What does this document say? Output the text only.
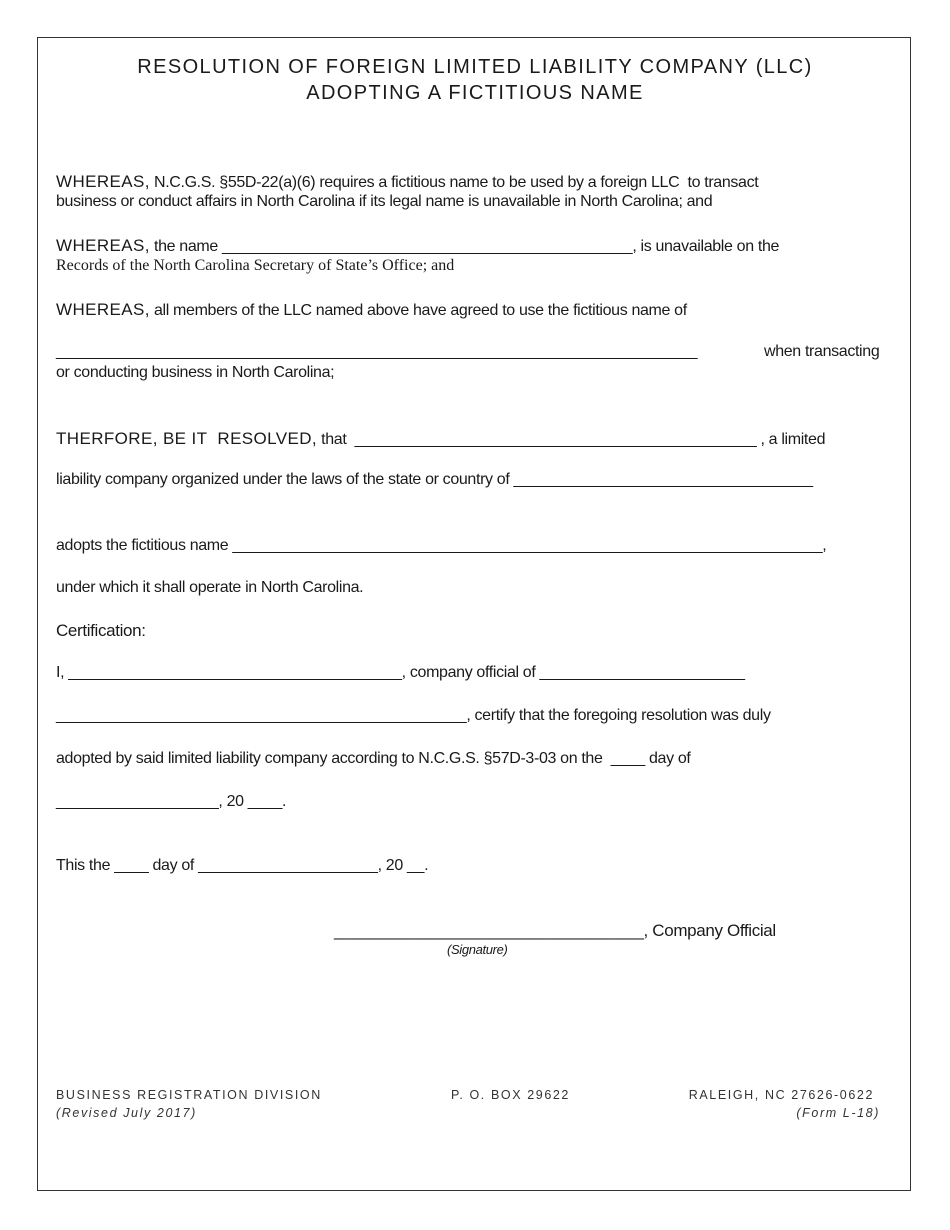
RESOLUTION OF FOREIGN LIMITED LIABILITY COMPANY (LLC)
ADOPTING A FICTITIOUS NAME
WHEREAS, N.C.G.S. §55D-22(a)(6) requires a fictitious name to be used by a foreign LLC  to transact
business or conduct affairs in North Carolina if its legal name is unavailable in North Carolina; and
WHEREAS, the name ________________________________________________, is unavailable on the
Records of the North Carolina Secretary of State’s Office; and
WHEREAS, all members of the LLC named above have agreed to use the fictitious name of
___________________________________________________________________________	when transacting
or conducting business in North Carolina;
THERFORE, BE IT  RESOLVED, that  _______________________________________________ , a limited
liability company organized under the laws of the state or country of ___________________________________
adopts the fictitious name _____________________________________________________________________,
under which it shall operate in North Carolina.
Certification:
I, _______________________________________, company official of ________________________
________________________________________________, certify that the foregoing resolution was duly
adopted by said limited liability company according to N.C.G.S. §57D-3-03 on the  ____ day of
___________________, 20 ____.
This the ____ day of _____________________, 20 __.
__________________________________, Company Official
(Signature)
BUSINESS REGISTRATION DIVISION
(Revised July 2017)
P. O. BOX 29622	RALEIGH, NC 27626-0622
(Form L-18)
